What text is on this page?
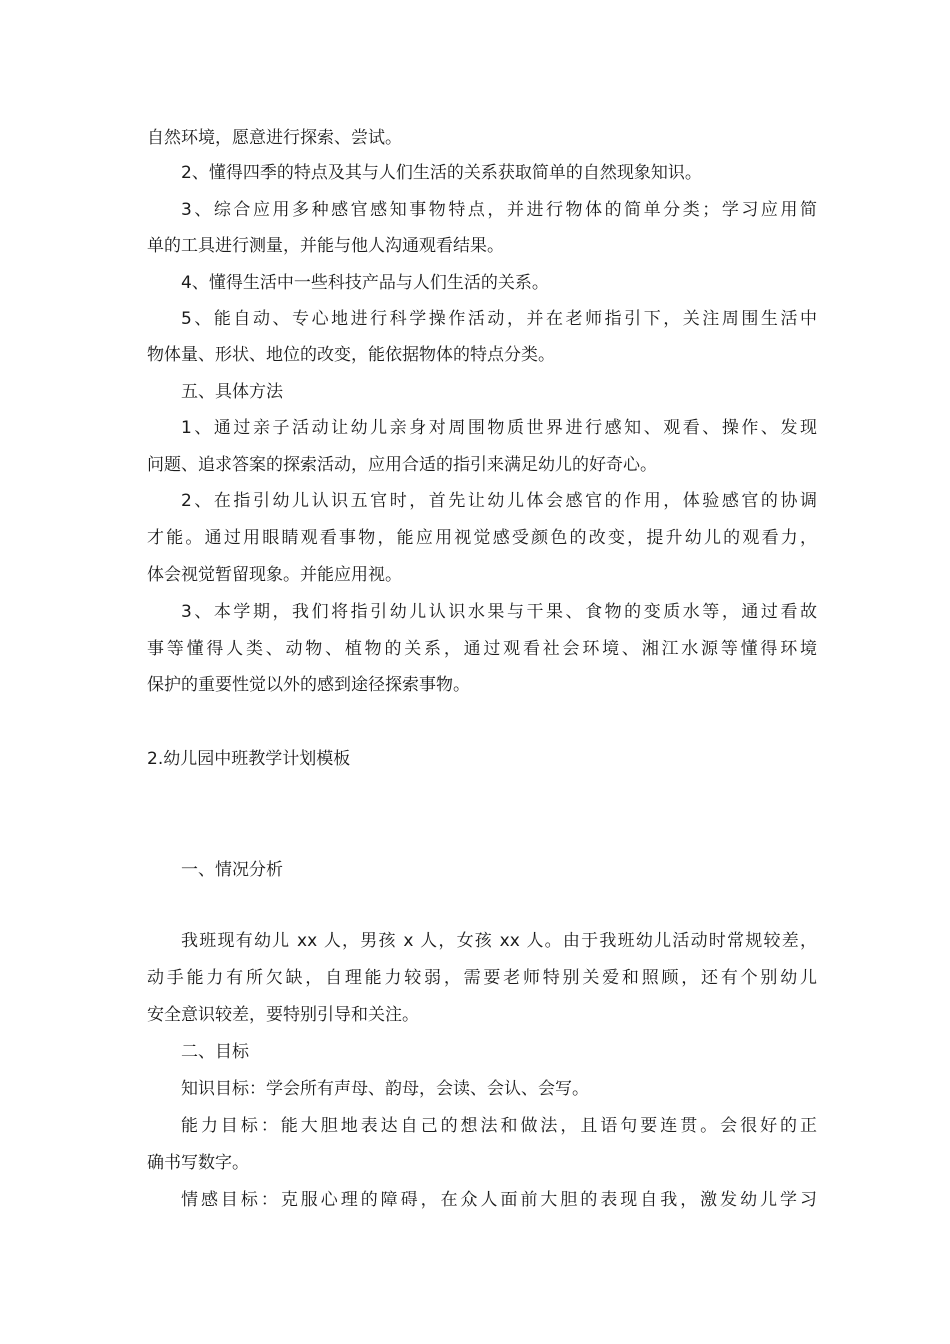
自然环境，愿意进行探索、尝试。
2、懂得四季的特点及其与人们生活的关系获取简单的自然现象知识。
3、综合应用多种感官感知事物特点，并进行物体的简单分类；学习应用简
单的工具进行测量，并能与他人沟通观看结果。
4、懂得生活中一些科技产品与人们生活的关系。
5、能自动、专心地进行科学操作活动，并在老师指引下，关注周围生活中
物体量、形状、地位的改变，能依据物体的特点分类。
五、具体方法
1、通过亲子活动让幼儿亲身对周围物质世界进行感知、观看、操作、发现
问题、追求答案的探索活动，应用合适的指引来满足幼儿的好奇心。
2、在指引幼儿认识五官时，首先让幼儿体会感官的作用，体验感官的协调
才能。通过用眼睛观看事物，能应用视觉感受颜色的改变，提升幼儿的观看力，
体会视觉暂留现象。并能应用视。
3、本学期，我们将指引幼儿认识水果与干果、食物的变质水等，通过看故
事等懂得人类、动物、植物的关系，通过观看社会环境、湘江水源等懂得环境
保护的重要性觉以外的感到途径探索事物。
2.幼儿园中班教学计划模板
一、情况分析
我班现有幼儿 xx 人，男孩 x 人，女孩 xx 人。由于我班幼儿活动时常规较差，
动手能力有所欠缺，自理能力较弱，需要老师特别关爱和照顾，还有个别幼儿
安全意识较差，要特别引导和关注。
二、目标
知识目标：学会所有声母、韵母，会读、会认、会写。
能力目标：能大胆地表达自己的想法和做法，且语句要连贯。会很好的正
确书写数字。
情感目标：克服心理的障碍，在众人面前大胆的表现自我，激发幼儿学习
